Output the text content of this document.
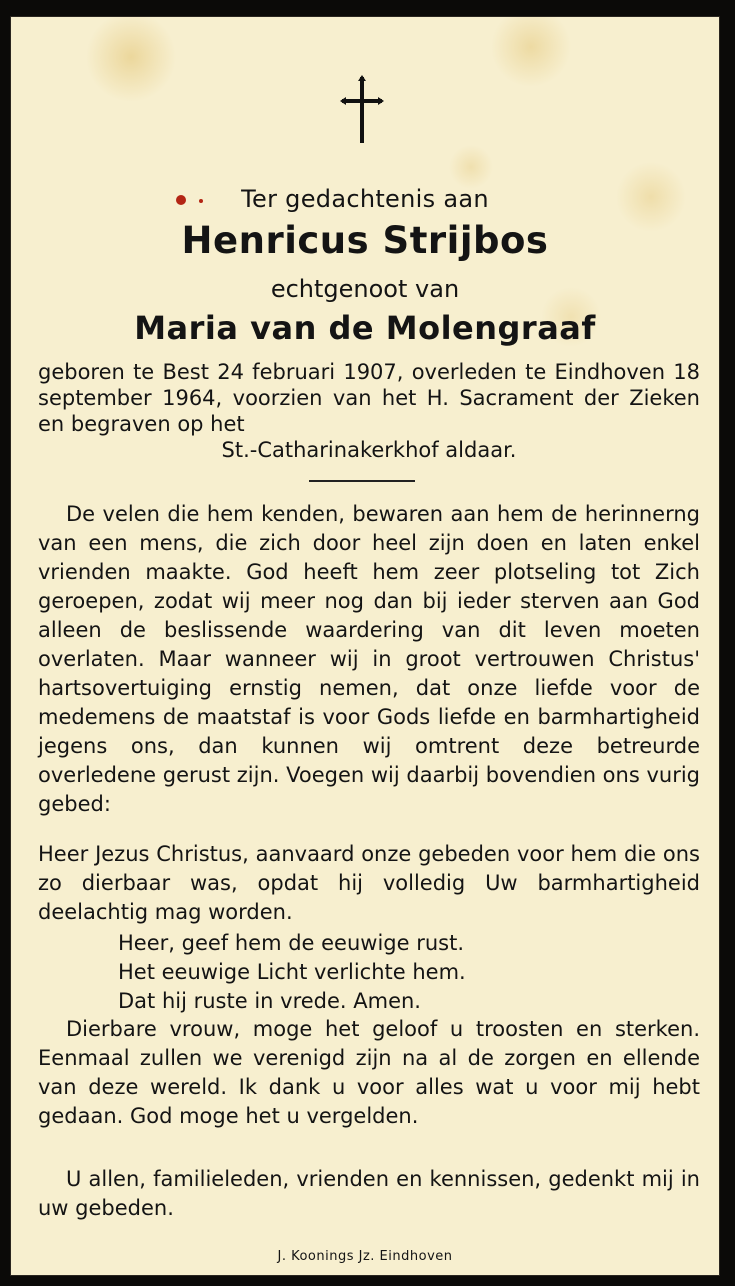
Ter gedachtenis aan
Henricus Strijbos
echtgenoot van
Maria van de Molengraaf
geboren te Best 24 februari 1907, overleden te Eindhoven 18 september 1964, voorzien van het H. Sacrament der Zieken en begraven op het
St.-Catharinakerkhof aldaar.
De velen die hem kenden, bewaren aan hem de herinnerng van een mens, die zich door heel zijn doen en laten enkel vrienden maakte. God heeft hem zeer plotseling tot Zich geroepen, zodat wij meer nog dan bij ieder sterven aan God alleen de beslissende waardering van dit leven moeten overlaten. Maar wanneer wij in groot vertrouwen Christus' hartsovertuiging ernstig nemen, dat onze liefde voor de medemens de maatstaf is voor Gods liefde en barmhartigheid jegens ons, dan kunnen wij omtrent deze betreurde overledene gerust zijn. Voegen wij daarbij bovendien ons vurig gebed:
Heer Jezus Christus, aanvaard onze gebeden voor hem die ons zo dierbaar was, opdat hij volledig Uw barmhartigheid deelachtig mag worden.
Heer, geef hem de eeuwige rust.
Het eeuwige Licht verlichte hem.
Dat hij ruste in vrede. Amen.
Dierbare vrouw, moge het geloof u troosten en sterken. Eenmaal zullen we verenigd zijn na al de zorgen en ellende van deze wereld. Ik dank u voor alles wat u voor mij hebt gedaan. God moge het u vergelden.
U allen, familieleden, vrienden en kennissen, gedenkt mij in uw gebeden.
J. Koonings Jz. Eindhoven
